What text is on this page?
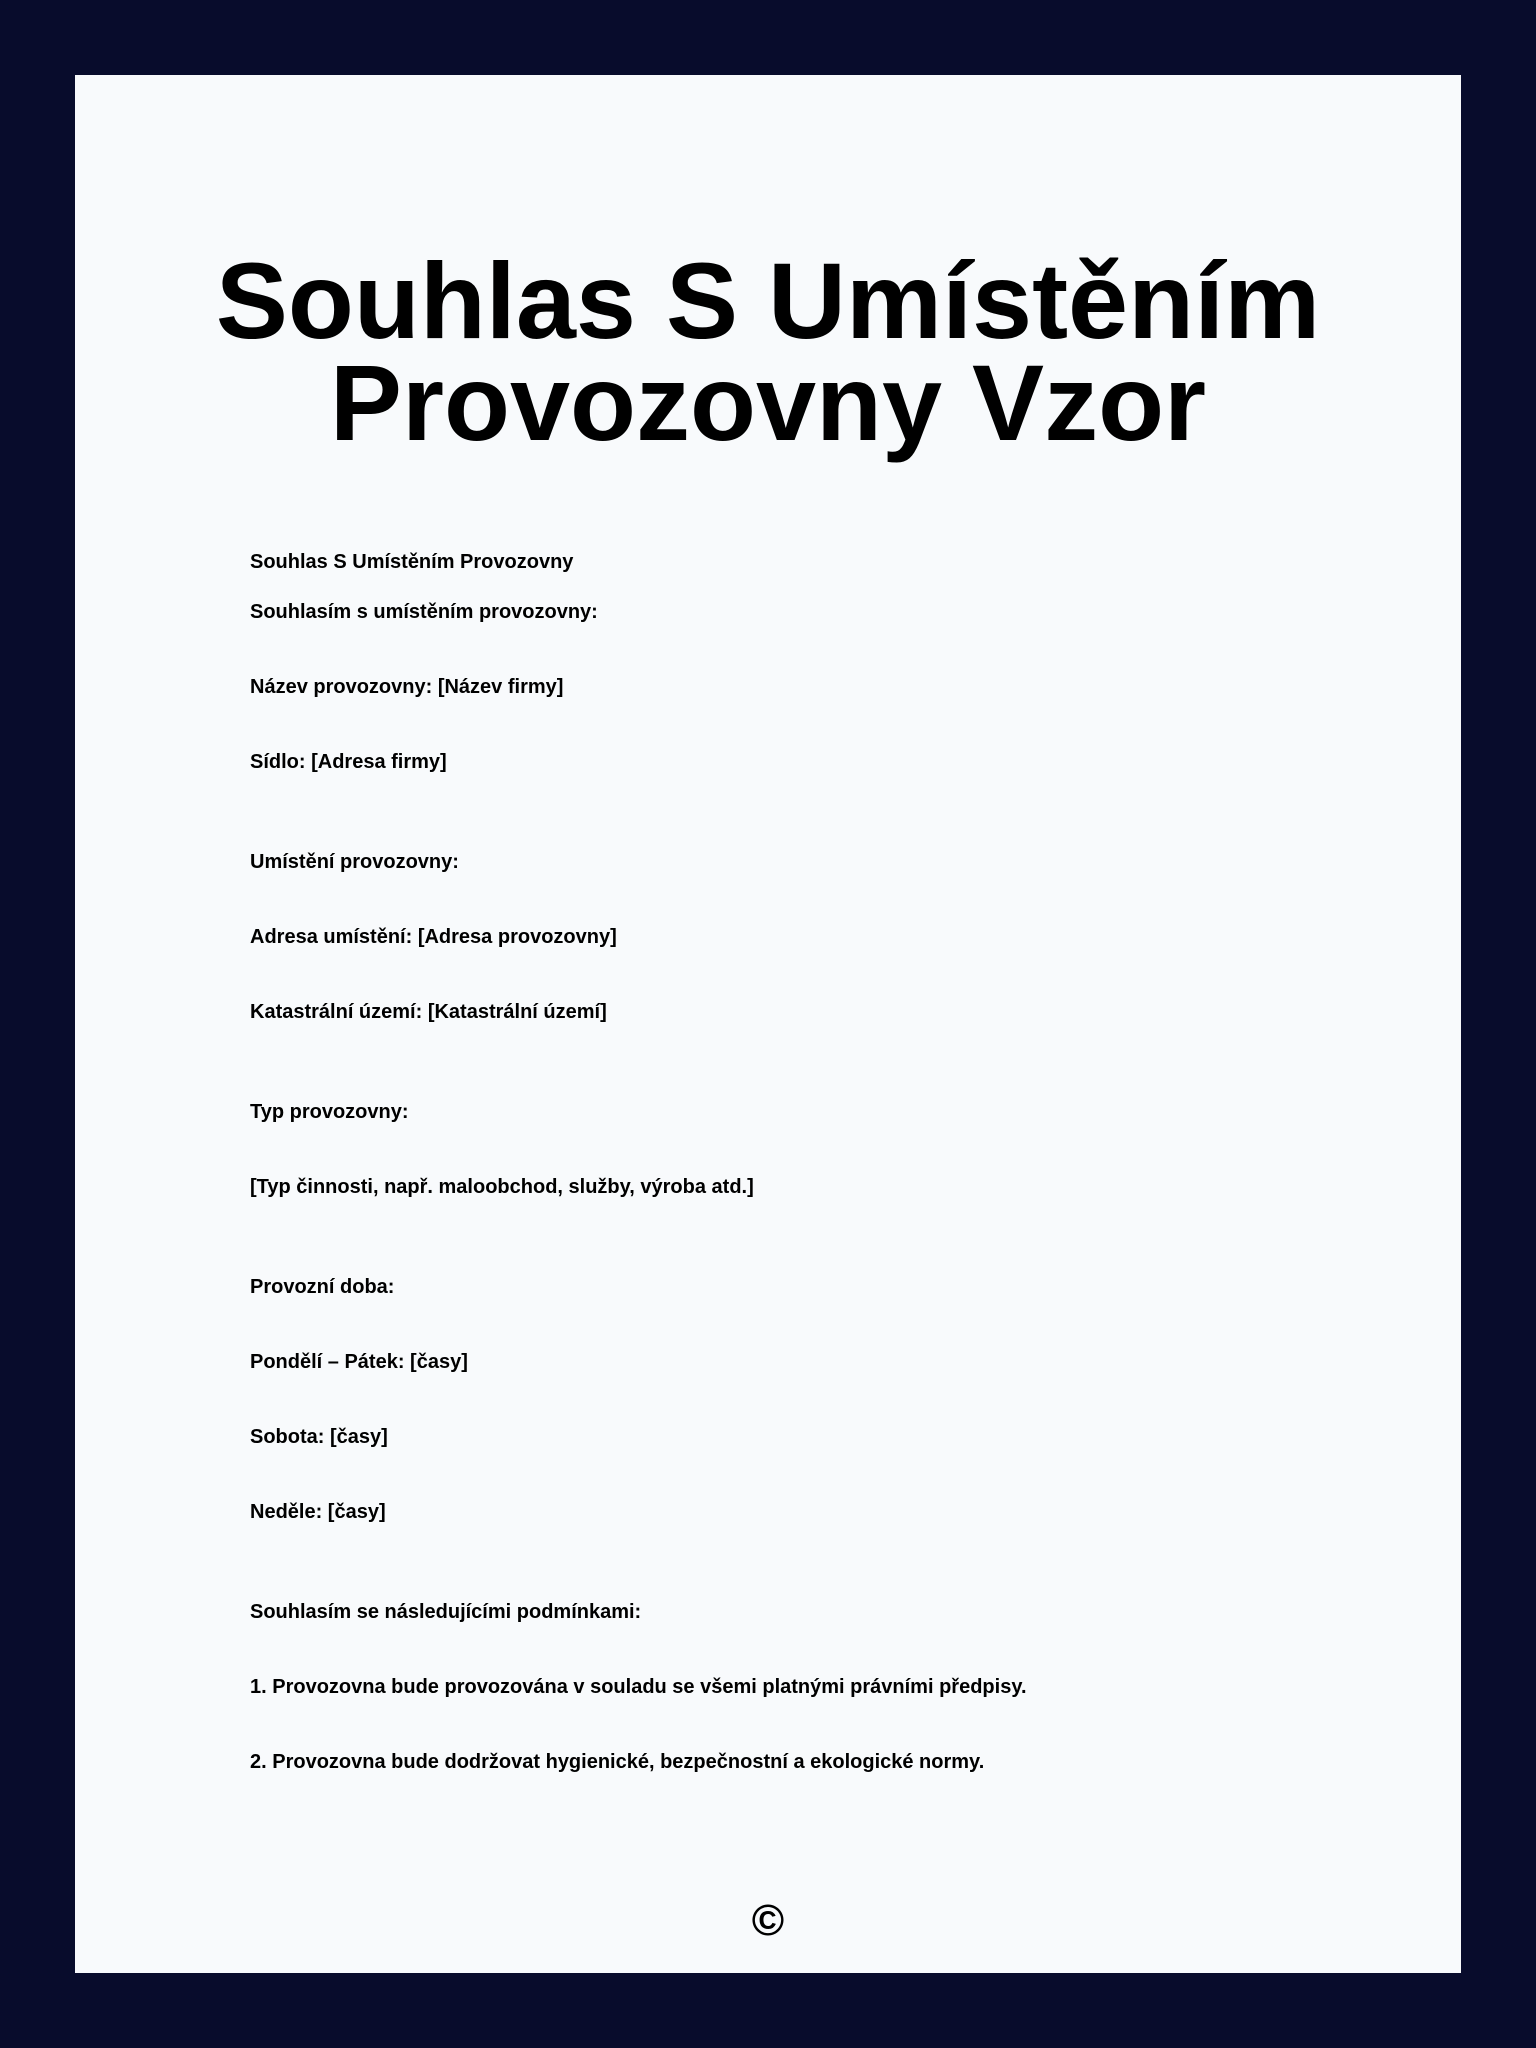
Souhlas S Umístěním
Provozovny Vzor

Souhlas S Umístěním Provozovny

Souhlasím s umístěním provozovny:

Název provozovny: [Název firmy]

Sídlo: [Adresa firmy]

Umístění provozovny:

Adresa umístění: [Adresa provozovny]

Katastrální území: [Katastrální území]

Typ provozovny:

[Typ činnosti, např. maloobchod, služby, výroba atd.]

Provozní doba:

Pondělí – Pátek: [časy]

Sobota: [časy]

Neděle: [časy]

Souhlasím se následujícími podmínkami:

1. Provozovna bude provozována v souladu se všemi platnými právními předpisy.

2. Provozovna bude dodržovat hygienické, bezpečnostní a ekologické normy.

©
